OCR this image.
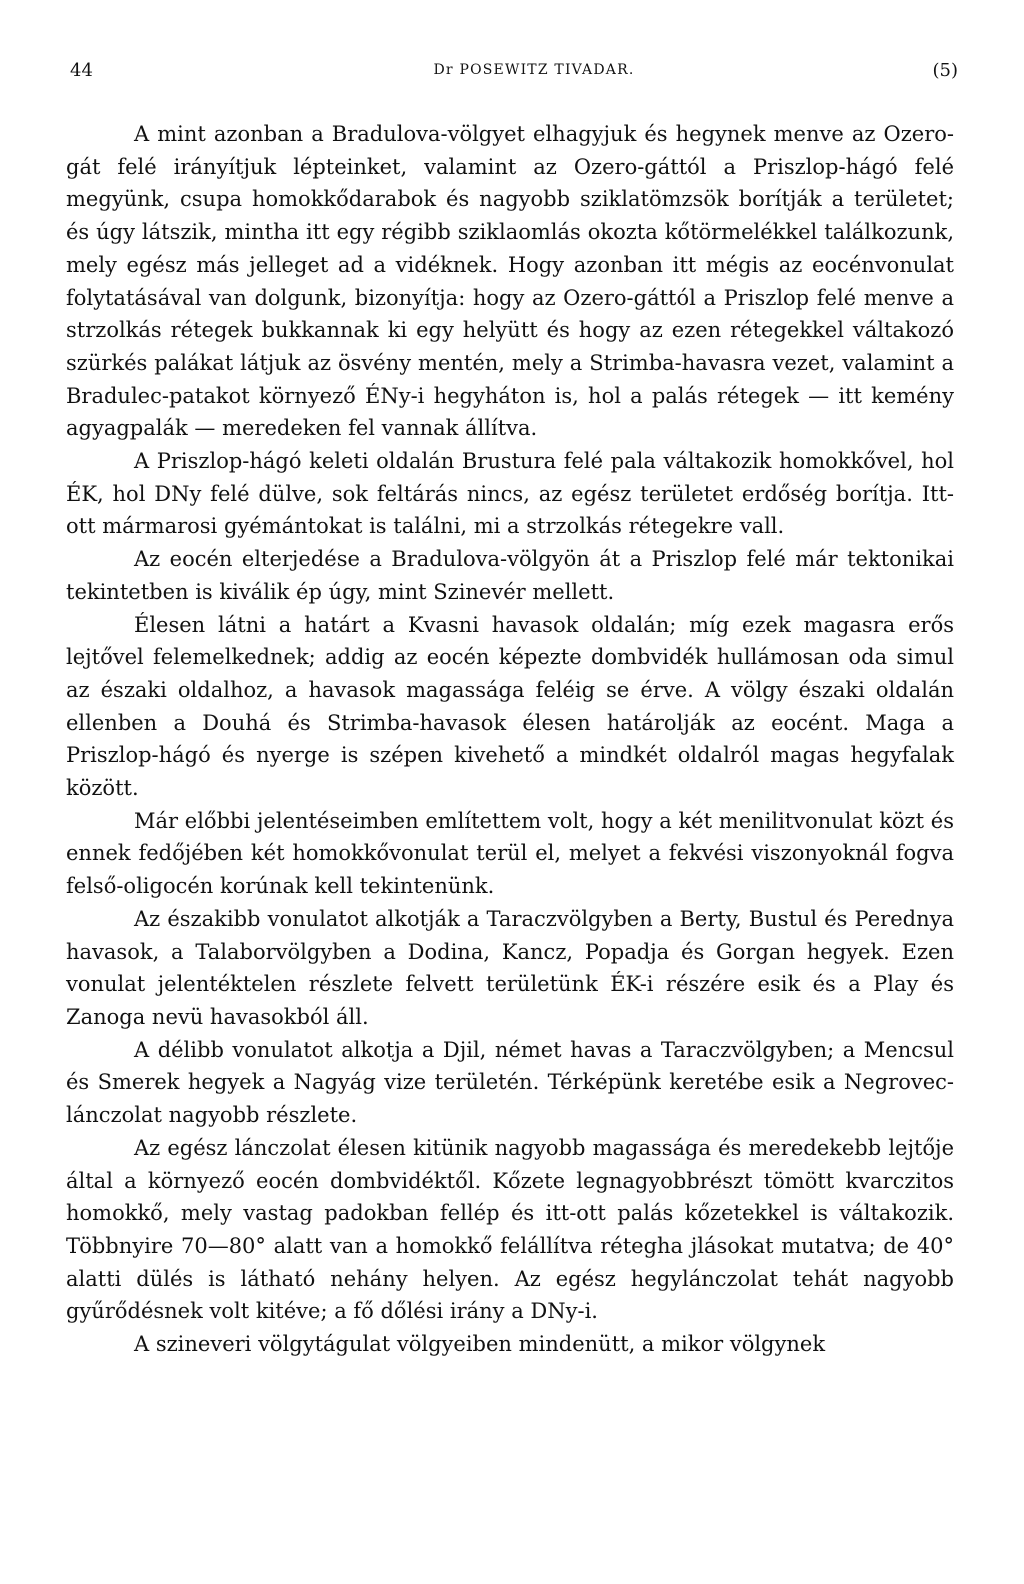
44	Dr POSEWITZ TIVADAR.	(5)

A mint azonban a Bradulova-völgyet elhagyjuk és hegynek menve az Ozero-gát felé irányítjuk lépteinket, valamint az Ozero-gáttól a Priszlop-hágó felé megyünk, csupa homokkődarabok és nagyobb sziklatömzsök borítják a területet; és úgy látszik, mintha itt egy régibb sziklaomlás okozta kőtörmelékkel találkozunk, mely egész más jelleget ad a vidéknek. Hogy azonban itt mégis az eocénvonulat folytatásával van dolgunk, bizonyítja: hogy az Ozero-gáttól a Priszlop felé menve a strzolkás rétegek bukkannak ki egy helyütt és hogy az ezen rétegekkel váltakozó szürkés palákat látjuk az ösvény mentén, mely a Strimba-havasra vezet, valamint a Bradulec-patakot környező ÉNy-i hegyháton is, hol a palás rétegek — itt kemény agyagpalák — meredeken fel vannak állítva.

A Priszlop-hágó keleti oldalán Brustura felé pala váltakozik homokkővel, hol ÉK, hol DNy felé dülve, sok feltárás nincs, az egész területet erdőség borítja. Itt-ott mármarosi gyémántokat is találni, mi a strzolkás rétegekre vall.

Az eocén elterjedése a Bradulova-völgyön át a Priszlop felé már tektonikai tekintetben is kiválik ép úgy, mint Szinevér mellett.

Élesen látni a határt a Kvasni havasok oldalán; míg ezek magasra erős lejtővel felemelkednek; addig az eocén képezte dombvidék hullámosan oda simul az északi oldalhoz, a havasok magassága feléig se érve. A völgy északi oldalán ellenben a Douhá és Strimba-havasok élesen határolják az eocént. Maga a Priszlop-hágó és nyerge is szépen kivehető a mindkét oldalról magas hegyfalak között.

Már előbbi jelentéseimben említettem volt, hogy a két menilitvonulat közt és ennek fedőjében két homokkővonulat terül el, melyet a fekvési viszonyoknál fogva felső-oligocén korúnak kell tekintenünk.

Az északibb vonulatot alkotják a Taraczvölgyben a Berty, Bustul és Perednya havasok, a Talaborvölgyben a Dodina, Kancz, Popadja és Gorgan hegyek. Ezen vonulat jelentéktelen részlete felvett területünk ÉK-i részére esik és a Play és Zanoga nevü havasokból áll.

A délibb vonulatot alkotja a Djil, német havas a Taraczvölgyben; a Mencsul és Smerek hegyek a Nagyág vize területén. Térképünk keretébe esik a Negrovec-lánczolat nagyobb részlete.

Az egész lánczolat élesen kitünik nagyobb magassága és meredekebb lejtője által a környező eocén dombvidéktől. Kőzete legnagyobbrészt tömött kvarczitos homokkő, mely vastag padokban fellép és itt-ott palás kőzetekkel is váltakozik. Többnyire 70—80° alatt van a homokkő felállítva rétegha jlásokat mutatva; de 40° alatti dülés is látható nehány helyen. Az egész hegylánczolat tehát nagyobb gyűrődésnek volt kitéve; a fő dőlési irány a DNy-i.

A szineveri völgytágulat völgyeiben mindenütt, a mikor völgynek
